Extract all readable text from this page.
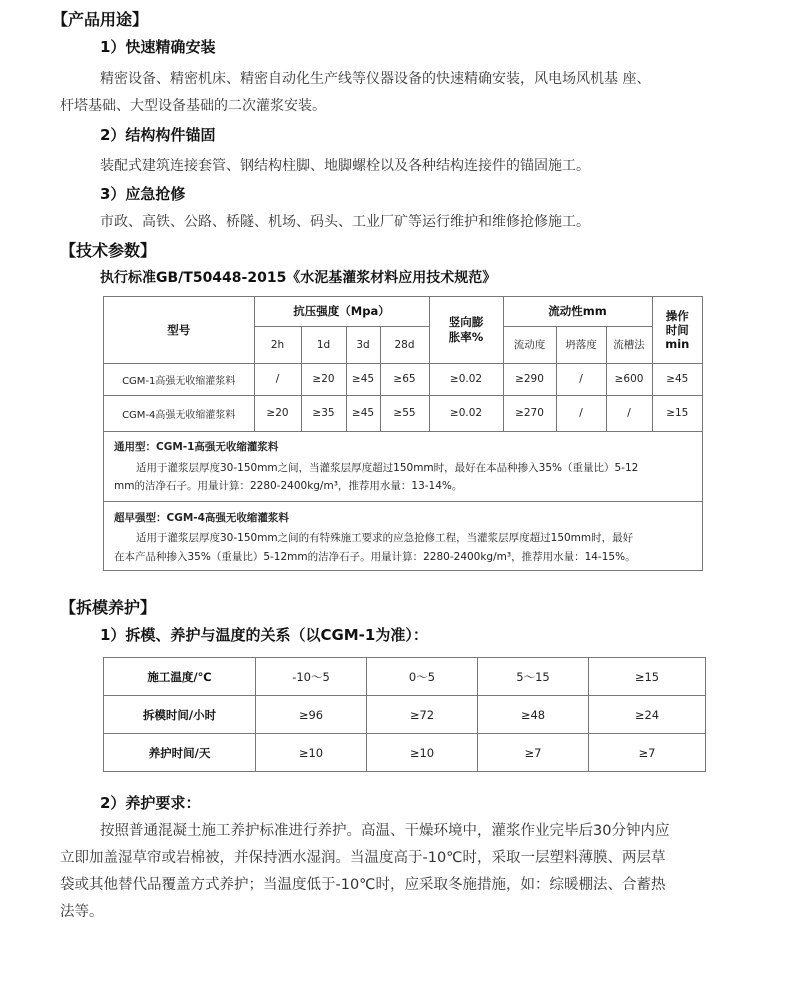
【产品用途】
1）快速精确安装
精密设备、精密机床、精密自动化生产线等仪器设备的快速精确安装，风电场风机基 座、
杆塔基础、大型设备基础的二次灌浆安装。
2）结构构件锚固
装配式建筑连接套管、钢结构柱脚、地脚螺栓以及各种结构连接件的锚固施工。
3）应急抢修
市政、高铁、公路、桥隧、机场、码头、工业厂矿等运行维护和维修抢修施工。
【技术参数】
执行标准GB/T50448-2015《水泥基灌浆材料应用技术规范》
型号	抗压强度（Mpa）				竖向膨胀率%	流动性mm			操作时间min
	2h	1d	3d	28d		流动度	坍落度	流槽法	
CGM-1高强无收缩灌浆料	/	≥20	≥45	≥65	≥0.02	≥290	/	≥600	≥45
CGM-4高强无收缩灌浆料	≥20	≥35	≥45	≥55	≥0.02	≥270	/	/	≥15
通用型：CGM-1高强无收缩灌浆料
适用于灌浆层厚度30-150mm之间，当灌浆层厚度超过150mm时，最好在本品种掺入35%（重量比）5-12
mm的洁净石子。用量计算：2280-2400kg/m³，推荐用水量：13-14%。
超早强型：CGM-4高强无收缩灌浆料
适用于灌浆层厚度30-150mm之间的有特殊施工要求的应急抢修工程，当灌浆层厚度超过150mm时，最好
在本产品种掺入35%（重量比）5-12mm的洁净石子。用量计算：2280-2400kg/m³，推荐用水量：14-15%。
【拆模养护】
1）拆模、养护与温度的关系（以CGM-1为准）：
施工温度/℃	-10～5	0～5	5～15	≥15
拆模时间/小时	≥96	≥72	≥48	≥24
养护时间/天	≥10	≥10	≥7	≥7
2）养护要求：
按照普通混凝土施工养护标准进行养护。高温、干燥环境中，灌浆作业完毕后30分钟内应
立即加盖湿草帘或岩棉被，并保持洒水湿润。当温度高于-10℃时，采取一层塑料薄膜、两层草
袋或其他替代品覆盖方式养护；当温度低于-10℃时，应采取冬施措施，如：综暖棚法、合蓄热
法等。
